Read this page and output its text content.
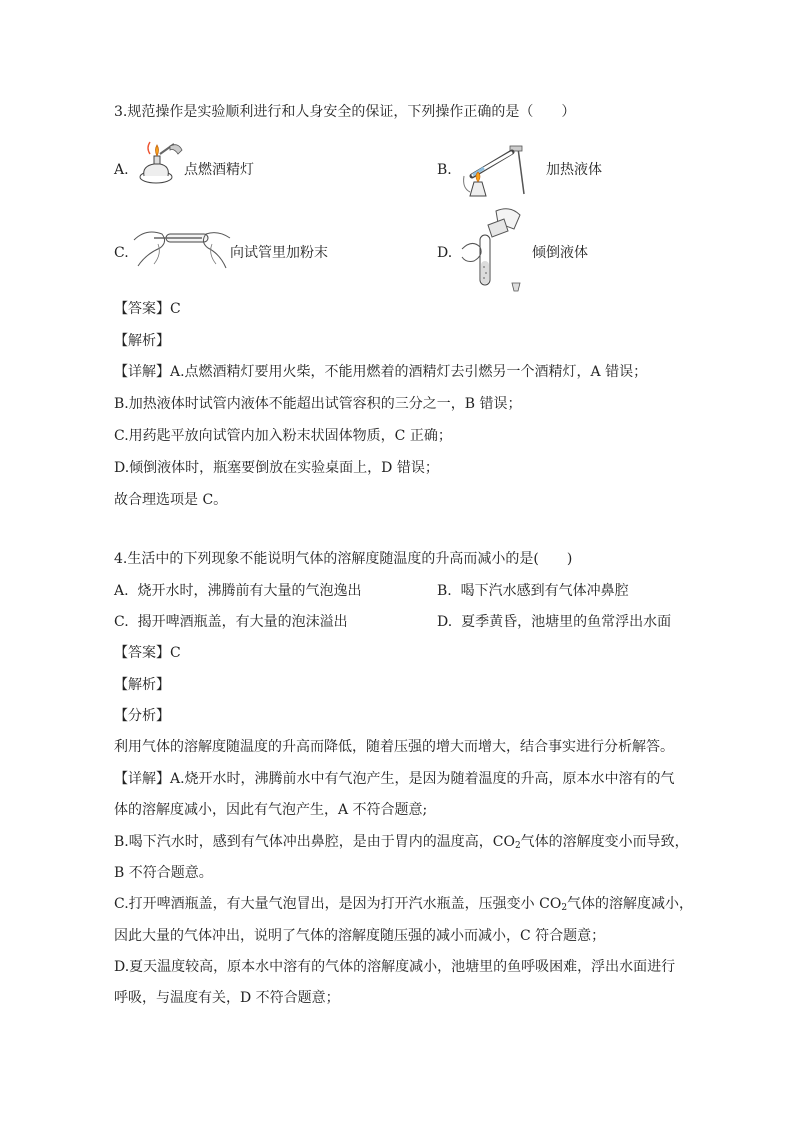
3.规范操作是实验顺利进行和人身安全的保证，下列操作正确的是（　　）
A.	点燃酒精灯	B.	加热液体
C.	向试管里加粉末	D.	倾倒液体
【答案】C
【解析】
【详解】A.点燃酒精灯要用火柴，不能用燃着的酒精灯去引燃另一个酒精灯，A 错误；
B.加热液体时试管内液体不能超出试管容积的三分之一，B 错误；
C.用药匙平放向试管内加入粉末状固体物质，C 正确；
D.倾倒液体时，瓶塞要倒放在实验桌面上，D 错误；
故合理选项是 C。
4.生活中的下列现象不能说明气体的溶解度随温度的升高而减小的是(　　)
A. 烧开水时，沸腾前有大量的气泡逸出	B. 喝下汽水感到有气体冲鼻腔
C. 揭开啤酒瓶盖，有大量的泡沫溢出	D. 夏季黄昏，池塘里的鱼常浮出水面
【答案】C
【解析】
【分析】
利用气体的溶解度随温度的升高而降低，随着压强的增大而增大，结合事实进行分析解答。
【详解】A.烧开水时，沸腾前水中有气泡产生，是因为随着温度的升高，原本水中溶有的气
体的溶解度减小，因此有气泡产生，A 不符合题意;
B.喝下汽水时，感到有气体冲出鼻腔，是由于胃内的温度高，$CO_2$气体的溶解度变小而导致，
B 不符合题意。
C.打开啤酒瓶盖，有大量气泡冒出，是因为打开汽水瓶盖，压强变小 $CO_2$气体的溶解度减小，
因此大量的气体冲出，说明了气体的溶解度随压强的减小而减小，C 符合题意；
D.夏天温度较高，原本水中溶有的气体的溶解度减小，池塘里的鱼呼吸困难，浮出水面进行
呼吸，与温度有关，D 不符合题意；
